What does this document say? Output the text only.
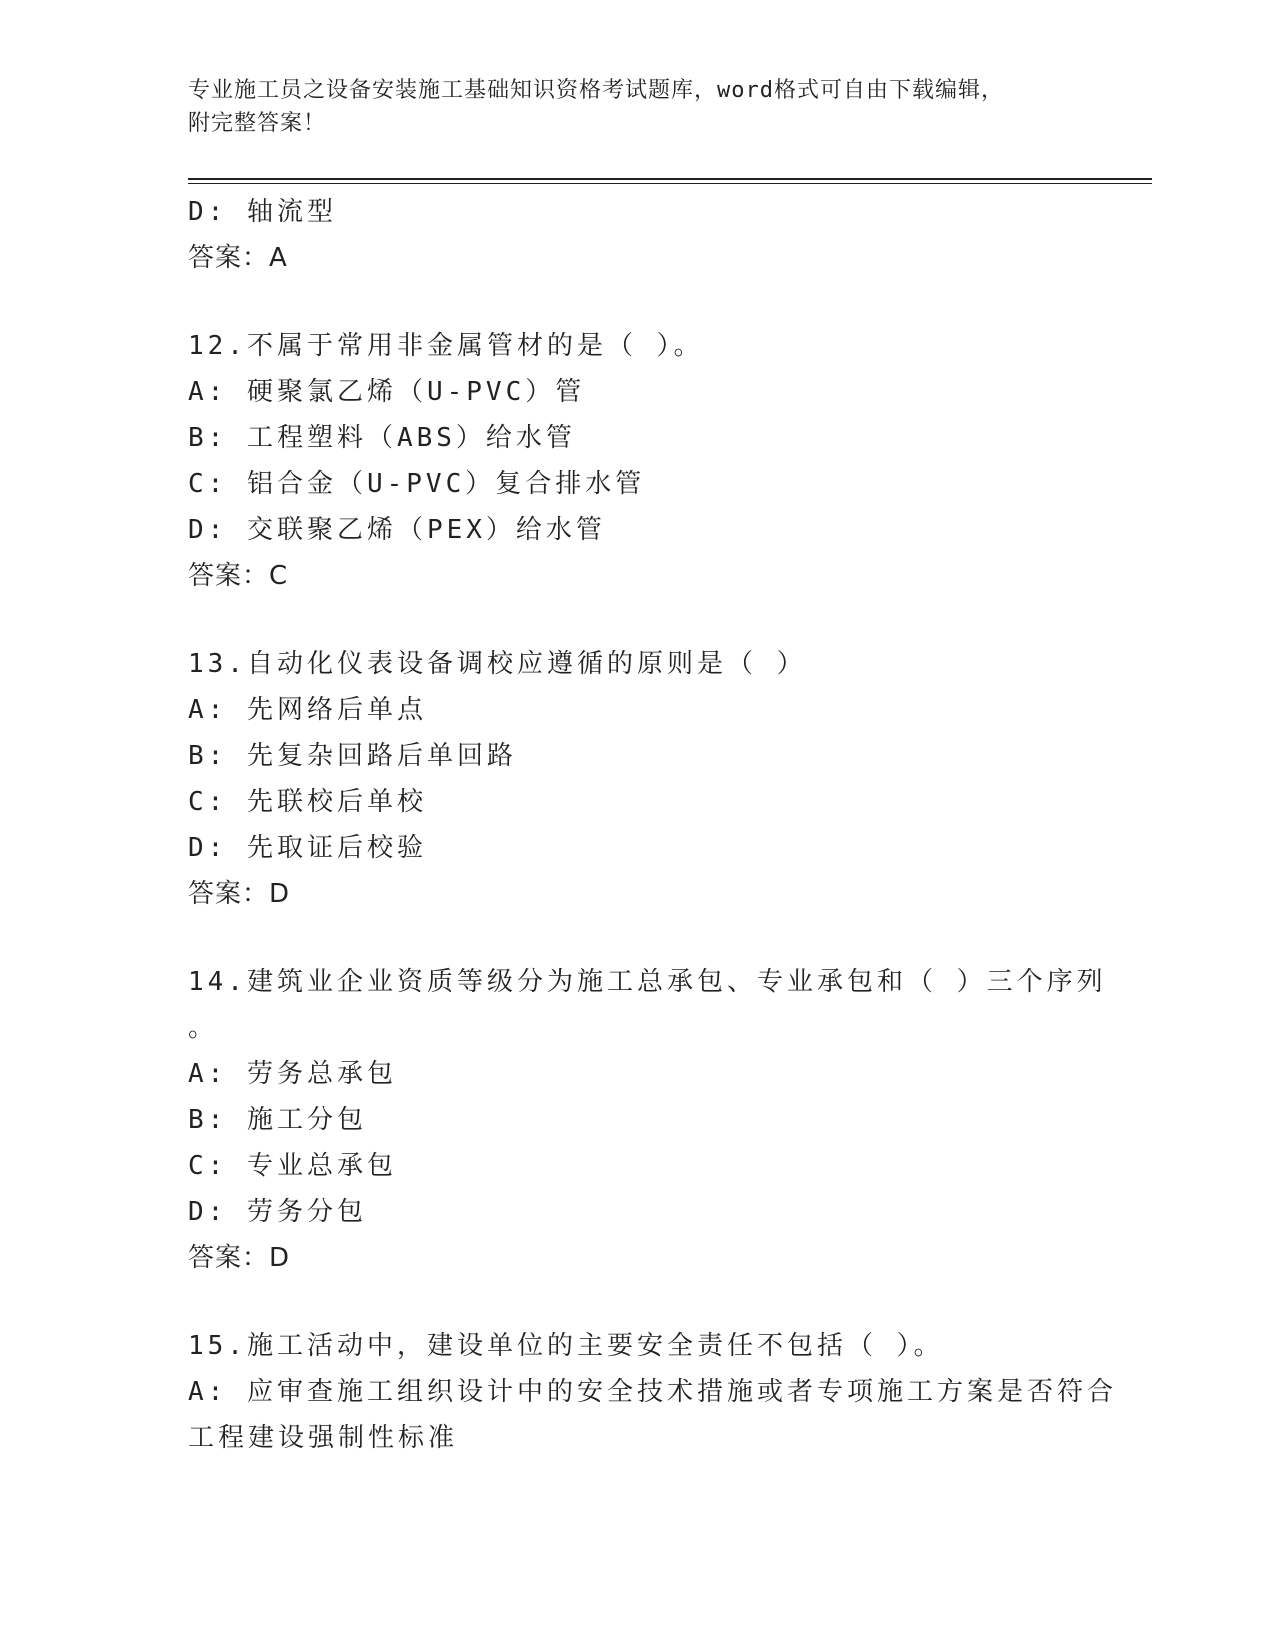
专业施工员之设备安装施工基础知识资格考试题库，word格式可自由下载编辑，
附完整答案！
D: 轴流型
答案：A
12.不属于常用非金属管材的是（ ）。
A: 硬聚氯乙烯（U-PVC）管
B: 工程塑料（ABS）给水管
C: 铝合金（U-PVC）复合排水管
D: 交联聚乙烯（PEX）给水管
答案：C
13.自动化仪表设备调校应遵循的原则是（ ）
A: 先网络后单点
B: 先复杂回路后单回路
C: 先联校后单校
D: 先取证后校验
答案：D
14.建筑业企业资质等级分为施工总承包、专业承包和（ ）三个序列
。
A: 劳务总承包
B: 施工分包
C: 专业总承包
D: 劳务分包
答案：D
15.施工活动中，建设单位的主要安全责任不包括（ ）。
A: 应审查施工组织设计中的安全技术措施或者专项施工方案是否符合
工程建设强制性标准
